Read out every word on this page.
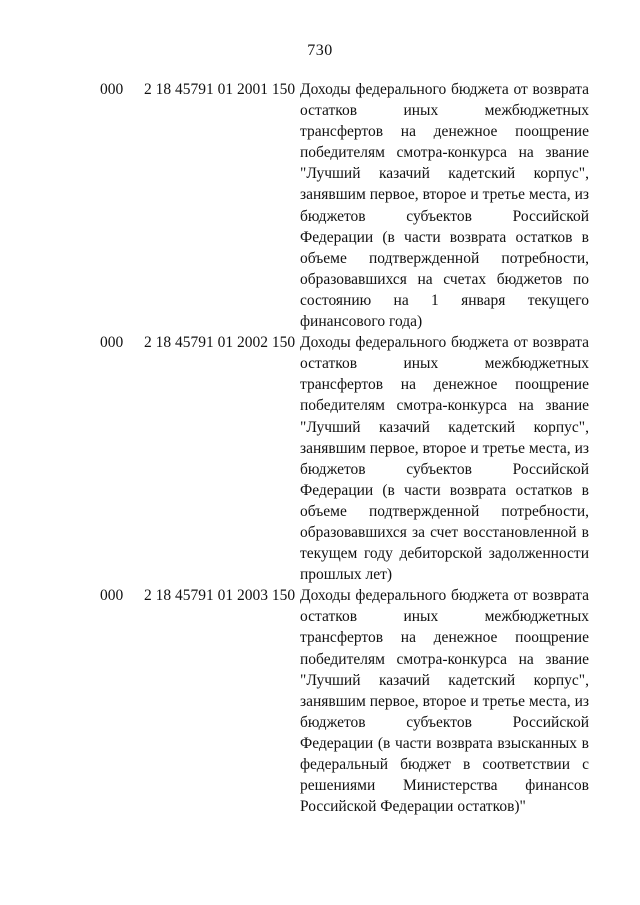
730
000 2 18 45791 01 2001 150 Доходы федерального бюджета от возврата остатков иных межбюджетных трансфертов на денежное поощрение победителям смотра-конкурса на звание "Лучший казачий кадетский корпус", занявшим первое, второе и третье места, из бюджетов субъектов Российской Федерации (в части возврата остатков в объеме подтвержденной потребности, образовавшихся на счетах бюджетов по состоянию на 1 января текущего финансового года)
000 2 18 45791 01 2002 150 Доходы федерального бюджета от возврата остатков иных межбюджетных трансфертов на денежное поощрение победителям смотра-конкурса на звание "Лучший казачий кадетский корпус", занявшим первое, второе и третье места, из бюджетов субъектов Российской Федерации (в части возврата остатков в объеме подтвержденной потребности, образовавшихся за счет восстановленной в текущем году дебиторской задолженности прошлых лет)
000 2 18 45791 01 2003 150 Доходы федерального бюджета от возврата остатков иных межбюджетных трансфертов на денежное поощрение победителям смотра-конкурса на звание "Лучший казачий кадетский корпус", занявшим первое, второе и третье места, из бюджетов субъектов Российской Федерации (в части возврата взысканных в федеральный бюджет в соответствии с решениями Министерства финансов Российской Федерации остатков)"
